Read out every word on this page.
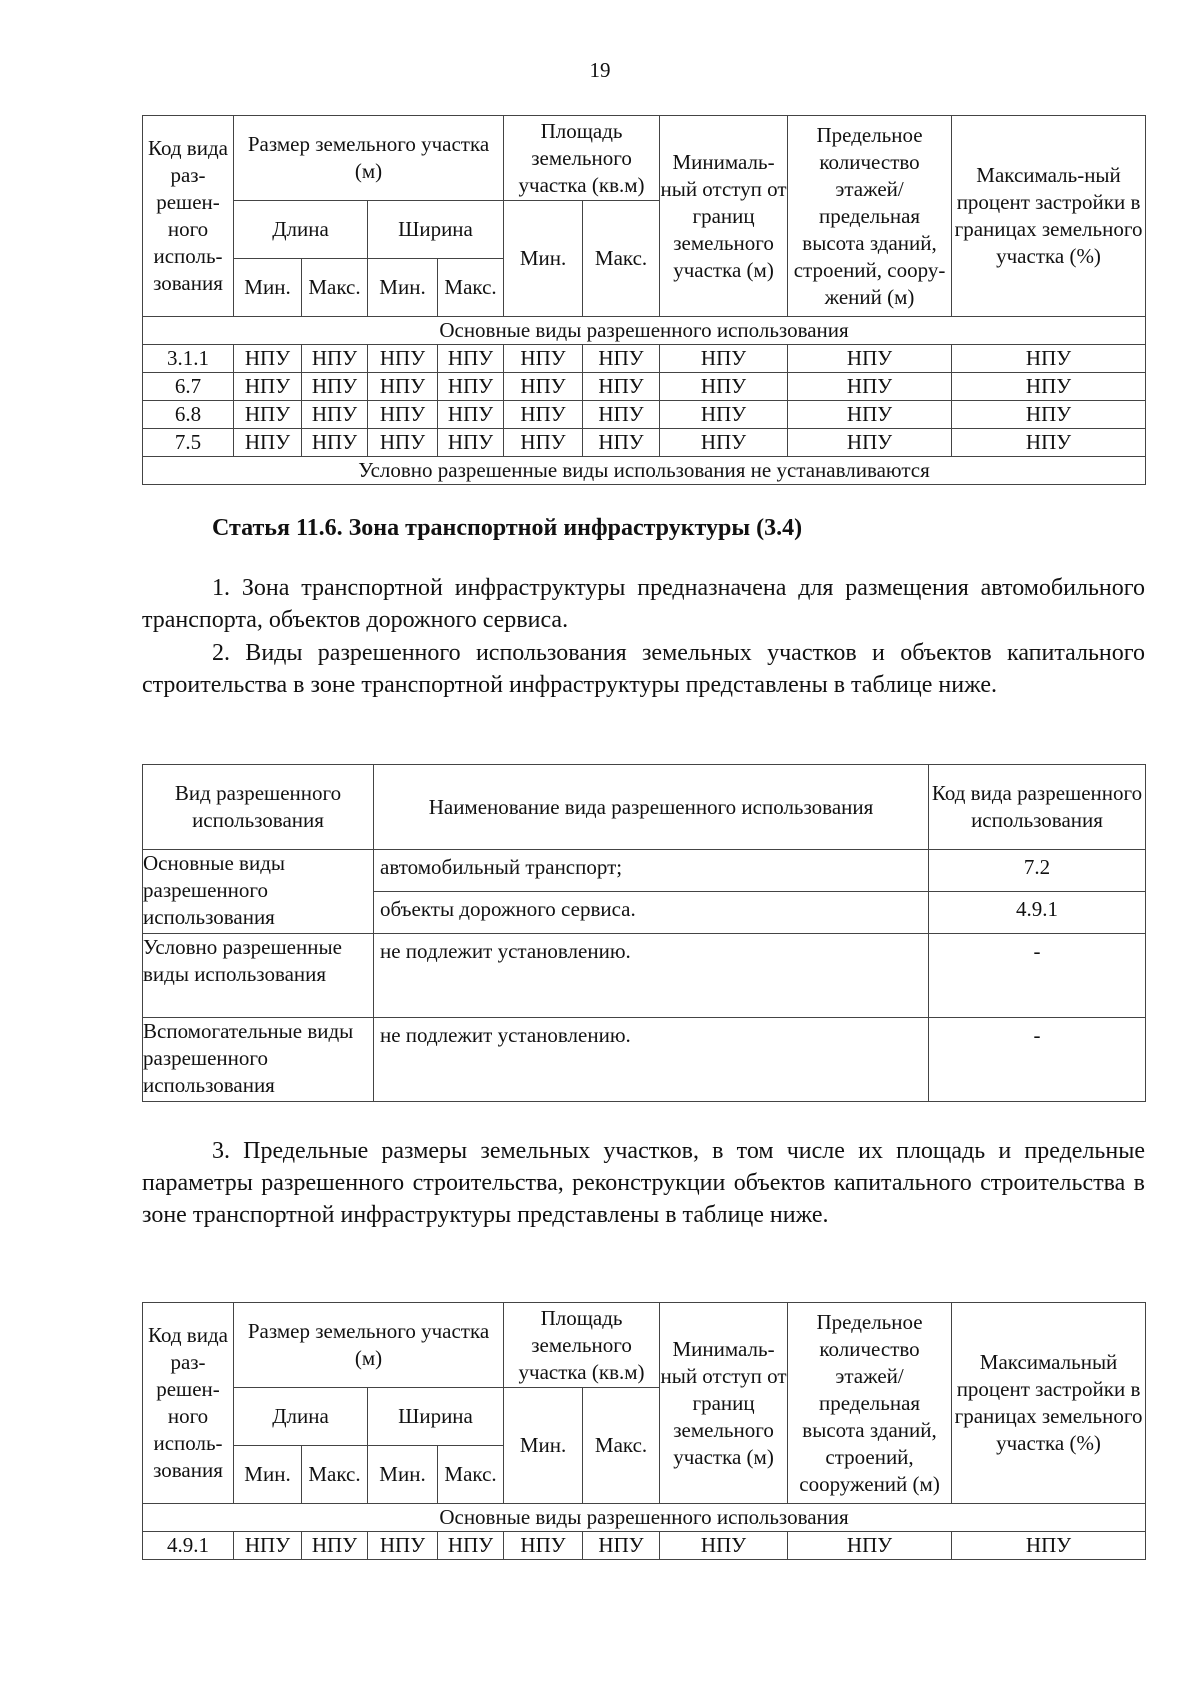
19
Код вида раз-решен-ного исполь-зования	Размер земельного участка (м)				Площадь земельного участка (кв.м)		Минималь-ный отступ от границ земельного участка (м)	Предельное количество этажей/ предельная высота зданий, строений, соору-жений (м)	Максималь-ный процент застройки в границах земельного участка (%)
	Длина		Ширина		Мин.	Макс.			
	Мин.	Макс.	Мин.	Макс.					
Основные виды разрешенного использования									
3.1.1	НПУ	НПУ	НПУ	НПУ	НПУ	НПУ	НПУ	НПУ	НПУ
6.7	НПУ	НПУ	НПУ	НПУ	НПУ	НПУ	НПУ	НПУ	НПУ
6.8	НПУ	НПУ	НПУ	НПУ	НПУ	НПУ	НПУ	НПУ	НПУ
7.5	НПУ	НПУ	НПУ	НПУ	НПУ	НПУ	НПУ	НПУ	НПУ
Условно разрешенные виды использования не устанавливаются									
Статья 11.6. Зона транспортной инфраструктуры (3.4)
1. Зона транспортной инфраструктуры предназначена для размещения автомобильного транспорта, объектов дорожного сервиса.
2. Виды разрешенного использования земельных участков и объектов капитального строительства в зоне транспортной инфраструктуры представлены в таблице ниже.
Вид разрешенного использования	Наименование вида разрешенного использования	Код вида разрешенного использования
Основные виды разрешенного использования	автомобильный транспорт;	7.2
	объекты дорожного сервиса.	4.9.1
Условно разрешенные виды использования	не подлежит установлению.	-
Вспомогательные виды разрешенного использования	не подлежит установлению.	-
3. Предельные размеры земельных участков, в том числе их площадь и предельные параметры разрешенного строительства, реконструкции объектов капитального строительства в зоне транспортной инфраструктуры представлены в таблице ниже.
Код вида раз-решен-ного исполь-зования	Размер земельного участка (м)				Площадь земельного участка (кв.м)		Минималь-ный отступ от границ земельного участка (м)	Предельное количество этажей/ предельная высота зданий, строений, сооружений (м)	Максимальный процент застройки в границах земельного участка (%)
	Длина		Ширина		Мин.	Макс.			
	Мин.	Макс.	Мин.	Макс.					
Основные виды разрешенного использования									
4.9.1	НПУ	НПУ	НПУ	НПУ	НПУ	НПУ	НПУ	НПУ	НПУ
